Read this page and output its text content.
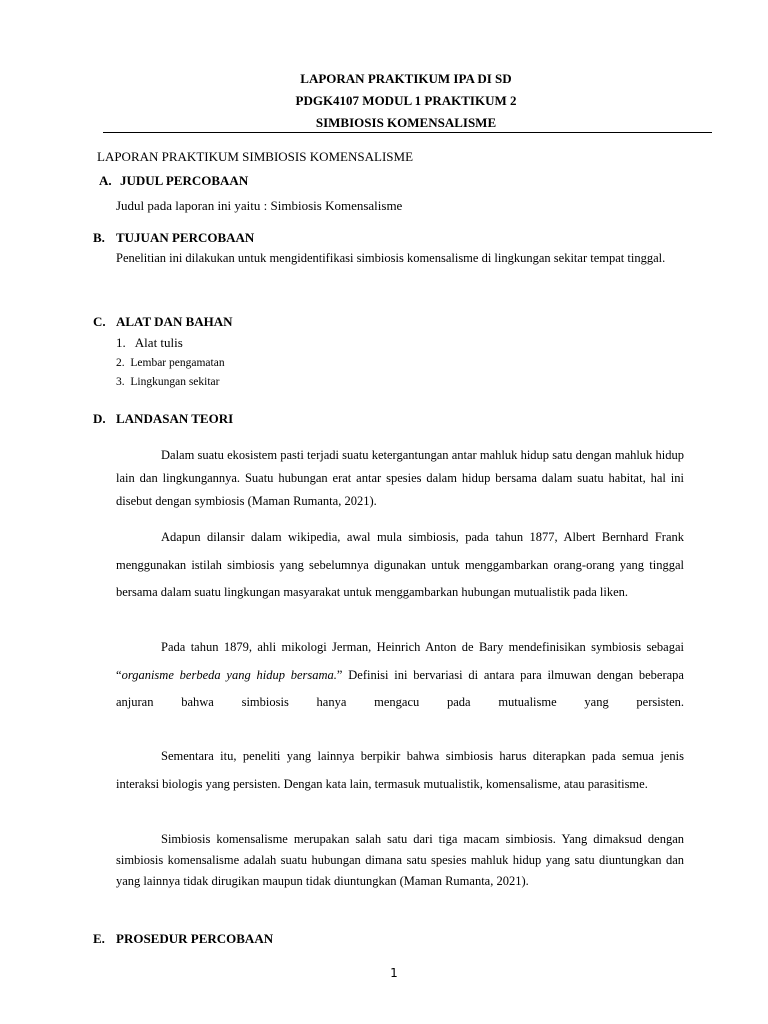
LAPORAN PRAKTIKUM IPA DI SD
PDGK4107 MODUL 1 PRAKTIKUM 2
SIMBIOSIS KOMENSALISME
LAPORAN PRAKTIKUM SIMBIOSIS KOMENSALISME
A. JUDUL PERCOBAAN
Judul pada laporan ini yaitu : Simbiosis Komensalisme
B. TUJUAN PERCOBAAN
Penelitian ini dilakukan untuk mengidentifikasi simbiosis komensalisme di lingkungan sekitar tempat tinggal.
C. ALAT DAN BAHAN
1. Alat tulis
2. Lembar pengamatan
3. Lingkungan sekitar
D. LANDASAN TEORI
Dalam suatu ekosistem pasti terjadi suatu ketergantungan antar mahluk hidup satu dengan mahluk hidup lain dan lingkungannya. Suatu hubungan erat antar spesies dalam hidup bersama dalam suatu habitat, hal ini disebut dengan symbiosis (Maman Rumanta, 2021).
Adapun dilansir dalam wikipedia, awal mula simbiosis, pada tahun 1877, Albert Bernhard Frank menggunakan istilah simbiosis yang sebelumnya digunakan untuk menggambarkan orang-orang yang tinggal bersama dalam suatu lingkungan masyarakat untuk menggambarkan hubungan mutualistik pada liken.
Pada tahun 1879, ahli mikologi Jerman, Heinrich Anton de Bary mendefinisikan symbiosis sebagai “organisme berbeda yang hidup bersama.” Definisi ini bervariasi di antara para ilmuwan dengan beberapa anjuran bahwa simbiosis hanya mengacu pada mutualisme yang persisten.
Sementara itu, peneliti yang lainnya berpikir bahwa simbiosis harus diterapkan pada semua jenis interaksi biologis yang persisten. Dengan kata lain, termasuk mutualistik, komensalisme, atau parasitisme.
Simbiosis komensalisme merupakan salah satu dari tiga macam simbiosis. Yang dimaksud dengan simbiosis komensalisme adalah suatu hubungan dimana satu spesies mahluk hidup yang satu diuntungkan dan yang lainnya tidak dirugikan maupun tidak diuntungkan (Maman Rumanta, 2021).
E. PROSEDUR PERCOBAAN
1
